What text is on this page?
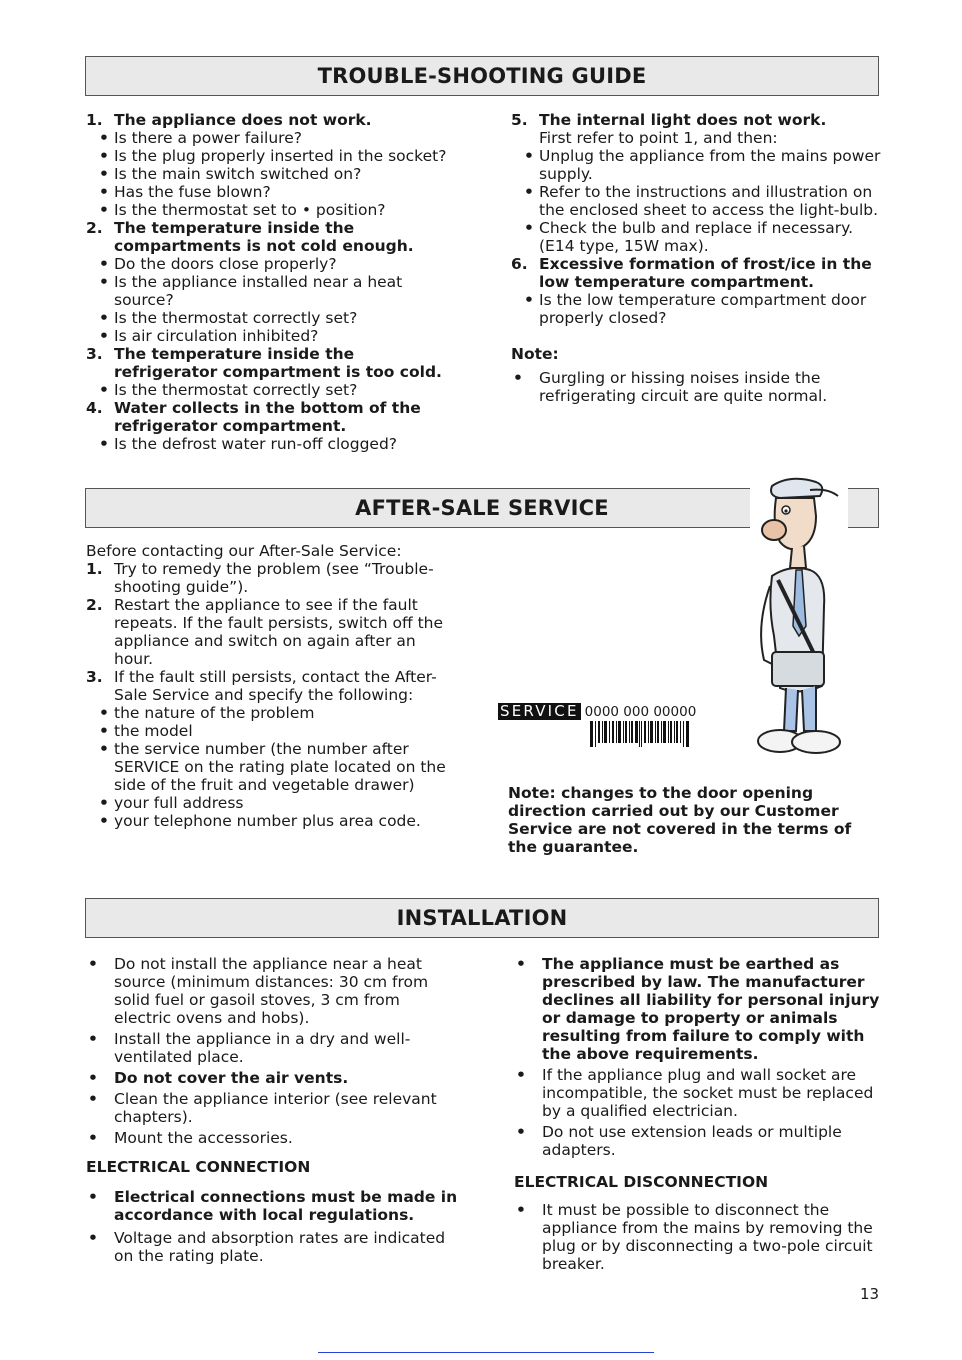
TROUBLE-SHOOTING GUIDE

1. The appliance does not work.

• Is there a power failure?

• Is the plug properly inserted in the socket?

• Is the main switch switched on?

• Has the fuse blown?

• Is the thermostat set to • position?

2. The temperature inside the compartments is not cold enough.

• Do the doors close properly?

• Is the appliance installed near a heat source?

• Is the thermostat correctly set?

• Is air circulation inhibited?

3. The temperature inside the refrigerator compartment is too cold.

• Is the thermostat correctly set?

4. Water collects in the bottom of the refrigerator compartment.

• Is the defrost water run-off clogged?

5. The internal light does not work.

First refer to point 1, and then:

• Unplug the appliance from the mains power supply.

• Refer to the instructions and illustration on the enclosed sheet to access the light-bulb.

• Check the bulb and replace if necessary.

(E14 type, 15W max).

6. Excessive formation of frost/ice in the low temperature compartment.

• Is the low temperature compartment door properly closed?

Note:

• Gurgling or hissing noises inside the refrigerating circuit are quite normal.

AFTER-SALE SERVICE

Before contacting our After-Sale Service:

1. Try to remedy the problem (see “Trouble-shooting guide”).

2. Restart the appliance to see if the fault repeats. If the fault persists, switch off the appliance and switch on again after an hour.

3. If the fault still persists, contact the After-Sale Service and specify the following:

• the nature of the problem

• the model

• the service number (the number after SERVICE on the rating plate located on the side of the fruit and vegetable drawer)

• your full address

• your telephone number plus area code.

SERVICE 0000 000 00000

Note: changes to the door opening direction carried out by our Customer Service are not covered in the terms of the guarantee.

INSTALLATION

• Do not install the appliance near a heat source (minimum distances: 30 cm from solid fuel or gasoil stoves, 3 cm from electric ovens and hobs).

• Install the appliance in a dry and well-ventilated place.

• Do not cover the air vents.

• Clean the appliance interior (see relevant chapters).

• Mount the accessories.

ELECTRICAL CONNECTION

• Electrical connections must be made in accordance with local regulations.

• Voltage and absorption rates are indicated on the rating plate.

• The appliance must be earthed as prescribed by law. The manufacturer declines all liability for personal injury or damage to property or animals resulting from failure to comply with the above requirements.

• If the appliance plug and wall socket are incompatible, the socket must be replaced by a qualified electrician.

• Do not use extension leads or multiple adapters.

ELECTRICAL DISCONNECTION

• It must be possible to disconnect the appliance from the mains by removing the plug or by disconnecting a two-pole circuit breaker.

13
